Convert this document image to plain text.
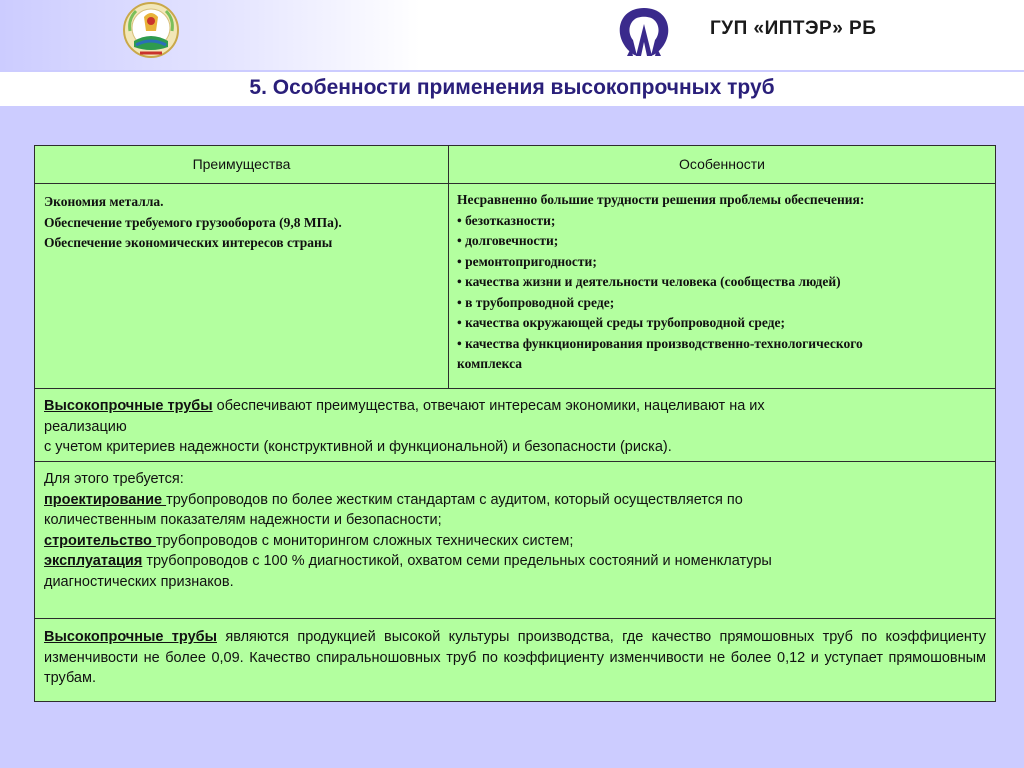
ГУП «ИПТЭР» РБ
5. Особенности применения высокопрочных труб
Преимущества	Особенности
Экономия металла.
Обеспечение требуемого грузооборота (9,8 МПа).
Обеспечение экономических интересов страны
Несравненно большие трудности решения проблемы обеспечения:
• безотказности;
• долговечности;
• ремонтопригодности;
• качества жизни и деятельности человека (сообщества людей)
• в трубопроводной среде;
• качества окружающей среды трубопроводной среде;
• качества функционирования производственно-технологического
комплекса
Высокопрочные трубы обеспечивают преимущества, отвечают интересам экономики, нацеливают на их
реализацию
с учетом критериев надежности (конструктивной и функциональной) и безопасности (риска).
Для этого требуется:
проектирование трубопроводов по более жестким стандартам с аудитом, который осуществляется по
количественным показателям надежности и безопасности;
строительство трубопроводов с мониторингом сложных технических систем;
эксплуатация трубопроводов с 100 % диагностикой, охватом семи предельных состояний и номенклатуры
диагностических признаков.
Высокопрочные трубы являются продукцией высокой культуры производства, где качество прямошовных труб по коэффициенту изменчивости не более 0,09. Качество спиральношовных труб по коэффициенту изменчивости не более 0,12 и уступает прямошовным трубам.
